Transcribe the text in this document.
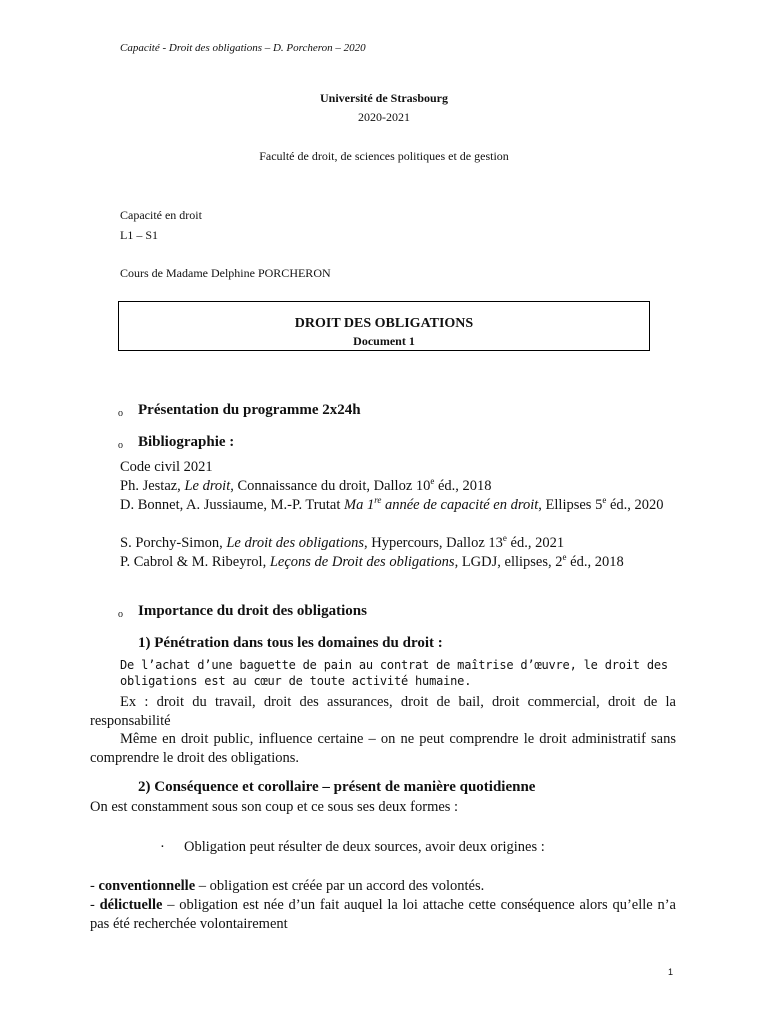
Capacité - Droit des obligations – D. Porcheron – 2020
Université de Strasbourg
2020-2021
Faculté de droit, de sciences politiques et de gestion
Capacité en droit
L1 – S1
Cours de Madame Delphine PORCHERON
DROIT DES OBLIGATIONS
Document 1
o Présentation du programme 2x24h
o Bibliographie :
Code civil 2021
Ph. Jestaz, Le droit, Connaissance du droit, Dalloz 10e éd., 2018
D. Bonnet, A. Jussiaume, M.-P. Trutat Ma 1re année de capacité en droit, Ellipses 5e éd., 2020
S. Porchy-Simon, Le droit des obligations, Hypercours, Dalloz 13e éd., 2021
P. Cabrol & M. Ribeyrol, Leçons de Droit des obligations, LGDJ, ellipses, 2e éd., 2018
o Importance du droit des obligations
1) Pénétration dans tous les domaines du droit :
De l’achat d’une baguette de pain au contrat de maîtrise d’œuvre, le droit des obligations est au cœur de toute activité humaine.
Ex : droit du travail, droit des assurances, droit de bail, droit commercial, droit de la responsabilité
Même en droit public, influence certaine – on ne peut comprendre le droit administratif sans comprendre le droit des obligations.
2) Conséquence et corollaire – présent de manière quotidienne
On est constamment sous son coup et ce sous ses deux formes :
· Obligation peut résulter de deux sources, avoir deux origines :
- conventionnelle – obligation est créée par un accord des volontés.
- délictuelle – obligation est née d’un fait auquel la loi attache cette conséquence alors qu’elle n’a pas été recherchée volontairement
1
